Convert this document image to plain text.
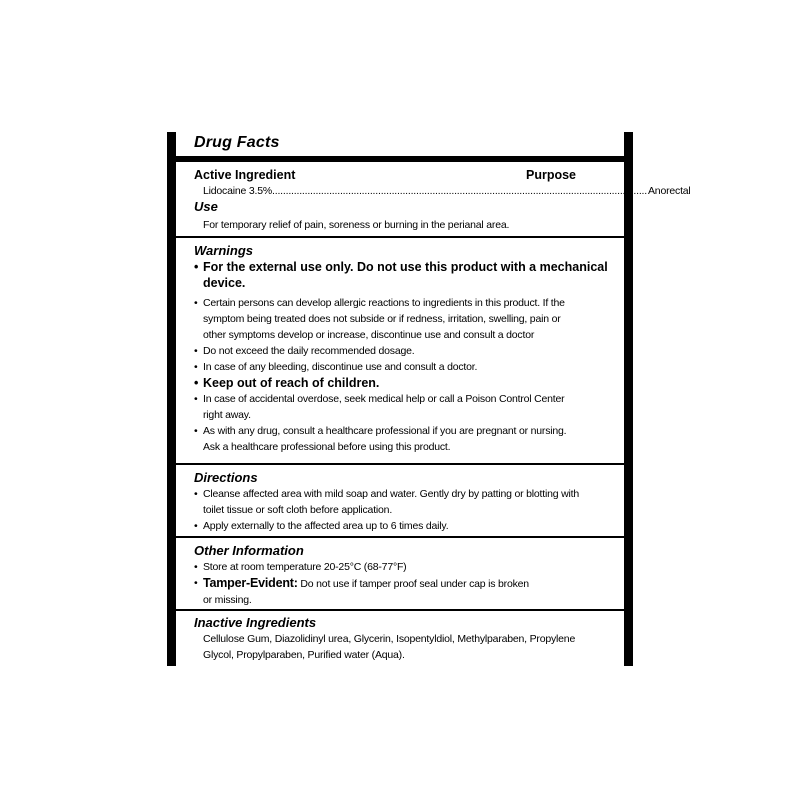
Drug Facts
Active Ingredient	Purpose
Lidocaine 3.5% .......................................................................................................................................... Anorectal
Use
For temporary relief of pain, soreness or burning in the perianal area.
Warnings
• For the external use only. Do not use this product with a mechanical
device.
• Certain persons can develop allergic reactions to ingredients in this product. If the
symptom being treated does not subside or if redness, irritation, swelling, pain or
other symptoms develop or increase, discontinue use and consult a doctor
• Do not exceed the daily recommended dosage.
• In case of any bleeding, discontinue use and consult a doctor.
• Keep out of reach of children.
• In case of accidental overdose, seek medical help or call a Poison Control Center
right away.
• As with any drug, consult a healthcare professional if you are pregnant or nursing.
Ask a healthcare professional before using this product.
Directions
• Cleanse affected area with mild soap and water. Gently dry by patting or blotting with
toilet tissue or soft cloth before application.
• Apply externally to the affected area up to 6 times daily.
Other Information
• Store at room temperature 20-25°C (68-77°F)
• Tamper-Evident: Do not use if tamper proof seal under cap is broken
or missing.
Inactive Ingredients
Cellulose Gum, Diazolidinyl urea, Glycerin, Isopentyldiol, Methylparaben, Propylene
Glycol, Propylparaben, Purified water (Aqua).
